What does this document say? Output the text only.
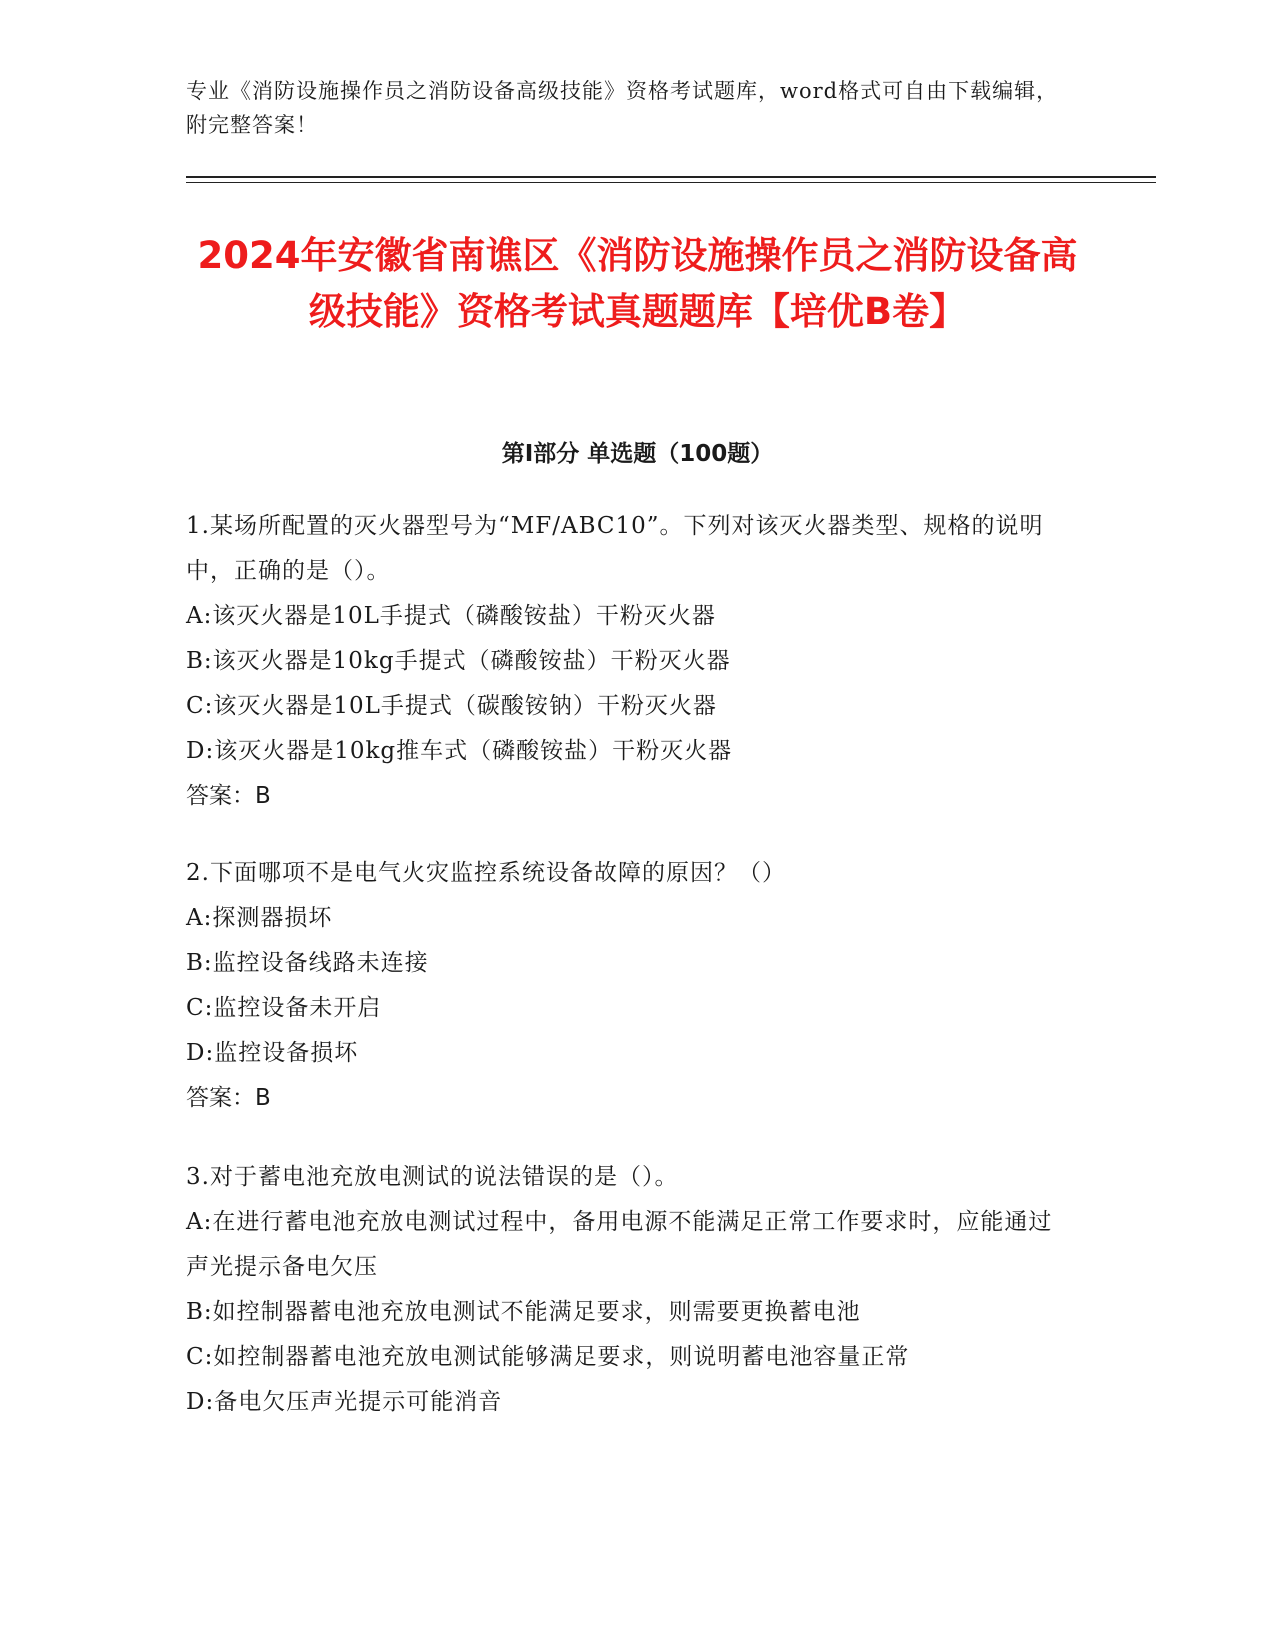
专业《消防设施操作员之消防设备高级技能》资格考试题库，word格式可自由下载编辑，附完整答案！
2024年安徽省南谯区《消防设施操作员之消防设备高级技能》资格考试真题题库【培优B卷】
第I部分 单选题（100题）
1.某场所配置的灭火器型号为“MF/ABC10”。下列对该灭火器类型、规格的说明中，正确的是（）。
A:该灭火器是10L手提式（磷酸铵盐）干粉灭火器
B:该灭火器是10kg手提式（磷酸铵盐）干粉灭火器
C:该灭火器是10L手提式（碳酸铵钠）干粉灭火器
D:该灭火器是10kg推车式（磷酸铵盐）干粉灭火器
答案：B
2.下面哪项不是电气火灾监控系统设备故障的原因？（）
A:探测器损坏
B:监控设备线路未连接
C:监控设备未开启
D:监控设备损坏
答案：B
3.对于蓄电池充放电测试的说法错误的是（）。
A:在进行蓄电池充放电测试过程中，备用电源不能满足正常工作要求时，应能通过声光提示备电欠压
B:如控制器蓄电池充放电测试不能满足要求，则需要更换蓄电池
C:如控制器蓄电池充放电测试能够满足要求，则说明蓄电池容量正常
D:备电欠压声光提示可能消音
